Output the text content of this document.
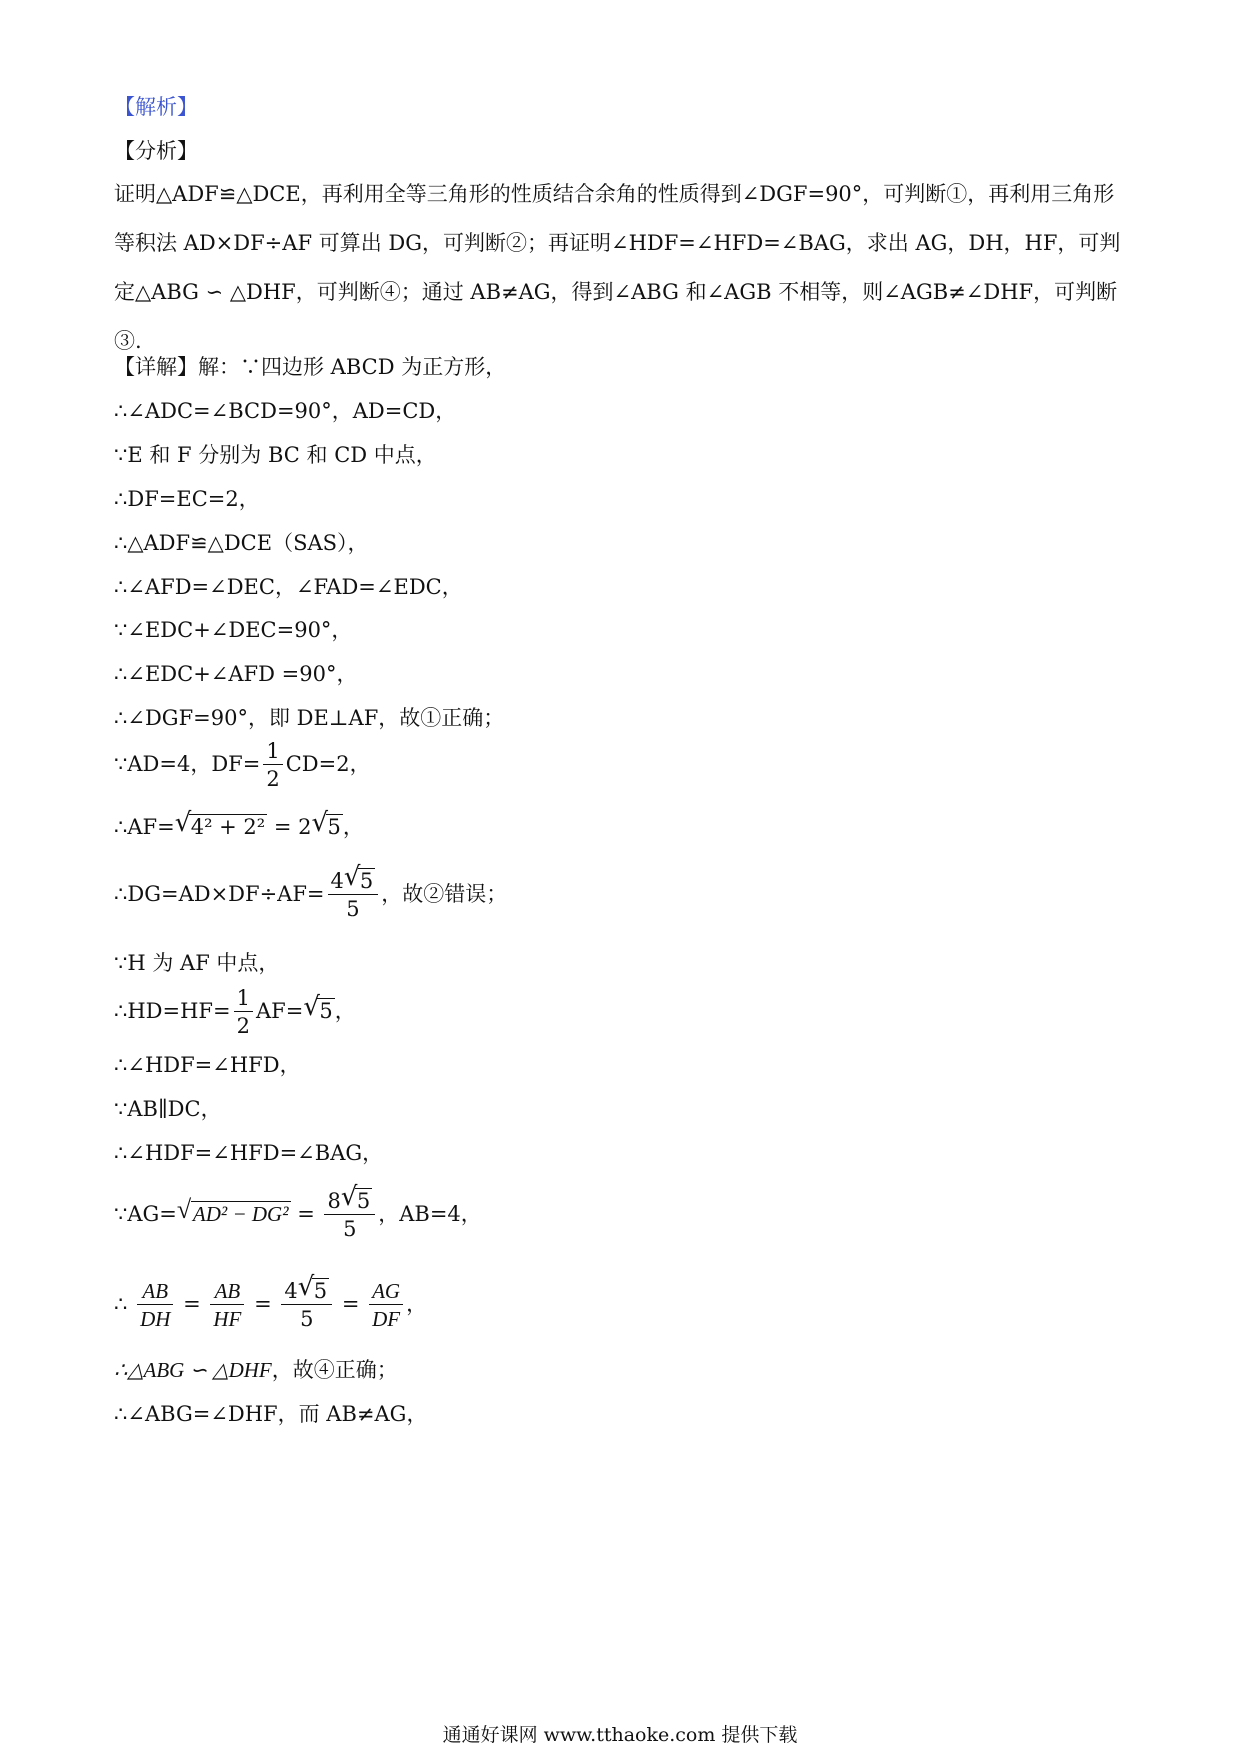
【解析】
【分析】
证明△ADF≌△DCE，再利用全等三角形的性质结合余角的性质得到∠DGF=90°，可判断①，再利用三角形等积法 AD×DF÷AF 可算出 DG，可判断②；再证明∠HDF=∠HFD=∠BAG，求出 AG，DH，HF，可判定△ABG ∽ △DHF，可判断④；通过 AB≠AG，得到∠ABG 和∠AGB 不相等，则∠AGB≠∠DHF，可判断③.
【详解】解：∵四边形 ABCD 为正方形，
∴∠ADC=∠BCD=90°，AD=CD，
∵E 和 F 分别为 BC 和 CD 中点，
∴DF=EC=2，
∴△ADF≌△DCE（SAS），
∴∠AFD=∠DEC，∠FAD=∠EDC，
∵∠EDC+∠DEC=90°，
∴∠EDC+∠AFD =90°，
∴∠DGF=90°，即 DE⊥AF，故①正确；
∵AD=4，$DF= \frac{1}{2} CD=2$，
∴AF= √ 4² + 2² = 2 √ 5，
∴DG=AD×DF÷AF= $\frac{4 √ 5}{5}$ ，故②错误；
∵H 为 AF 中点，
∴HD=HF= $\frac{1}{2} AF=$ √ 5，
∴∠HDF=∠HFD，
∵AB∥DC，
∴∠HDF=∠HFD=∠BAG，
∵AG= √ $AD^2 - DG^2 = \frac{8 √ 5}{5}$ ，AB=4，
∴ $\frac{AB}{DH} = \frac{AB}{HF} = \frac{4 √ 5}{5} = \frac{AG}{DF}$ ，
∴△ABG ∽ △DHF，故④正确；
∴∠ABG=∠DHF，而 AB≠AG，
通通好课网 www.tthaoke.com 提供下载
